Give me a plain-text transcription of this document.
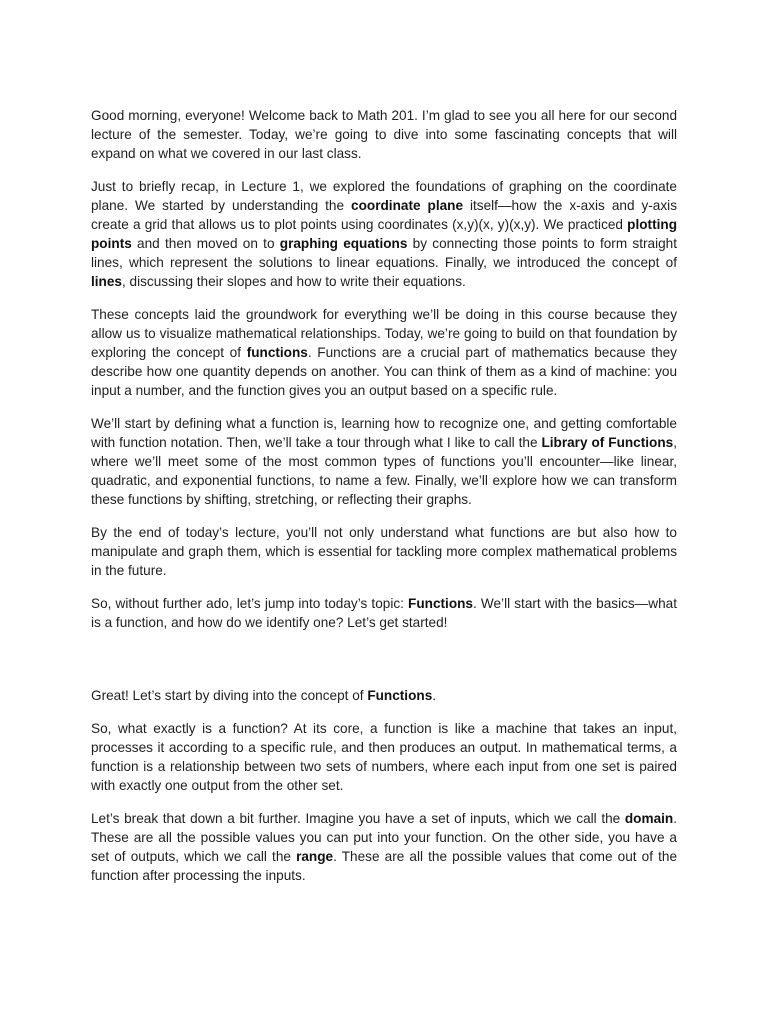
Good morning, everyone! Welcome back to Math 201. I’m glad to see you all here for our second lecture of the semester. Today, we’re going to dive into some fascinating concepts that will expand on what we covered in our last class.

Just to briefly recap, in Lecture 1, we explored the foundations of graphing on the coordinate plane. We started by understanding the coordinate plane itself—how the x-axis and y-axis create a grid that allows us to plot points using coordinates (x,y)(x, y)(x,y). We practiced plotting points and then moved on to graphing equations by connecting those points to form straight lines, which represent the solutions to linear equations. Finally, we introduced the concept of lines, discussing their slopes and how to write their equations.

These concepts laid the groundwork for everything we’ll be doing in this course because they allow us to visualize mathematical relationships. Today, we’re going to build on that foundation by exploring the concept of functions. Functions are a crucial part of mathematics because they describe how one quantity depends on another. You can think of them as a kind of machine: you input a number, and the function gives you an output based on a specific rule.

We’ll start by defining what a function is, learning how to recognize one, and getting comfortable with function notation. Then, we’ll take a tour through what I like to call the Library of Functions, where we’ll meet some of the most common types of functions you’ll encounter—like linear, quadratic, and exponential functions, to name a few. Finally, we’ll explore how we can transform these functions by shifting, stretching, or reflecting their graphs.

By the end of today’s lecture, you’ll not only understand what functions are but also how to manipulate and graph them, which is essential for tackling more complex mathematical problems in the future.

So, without further ado, let’s jump into today’s topic: Functions. We’ll start with the basics—what is a function, and how do we identify one? Let’s get started!

Great! Let’s start by diving into the concept of Functions.

So, what exactly is a function? At its core, a function is like a machine that takes an input, processes it according to a specific rule, and then produces an output. In mathematical terms, a function is a relationship between two sets of numbers, where each input from one set is paired with exactly one output from the other set.

Let’s break that down a bit further. Imagine you have a set of inputs, which we call the domain. These are all the possible values you can put into your function. On the other side, you have a set of outputs, which we call the range. These are all the possible values that come out of the function after processing the inputs.
